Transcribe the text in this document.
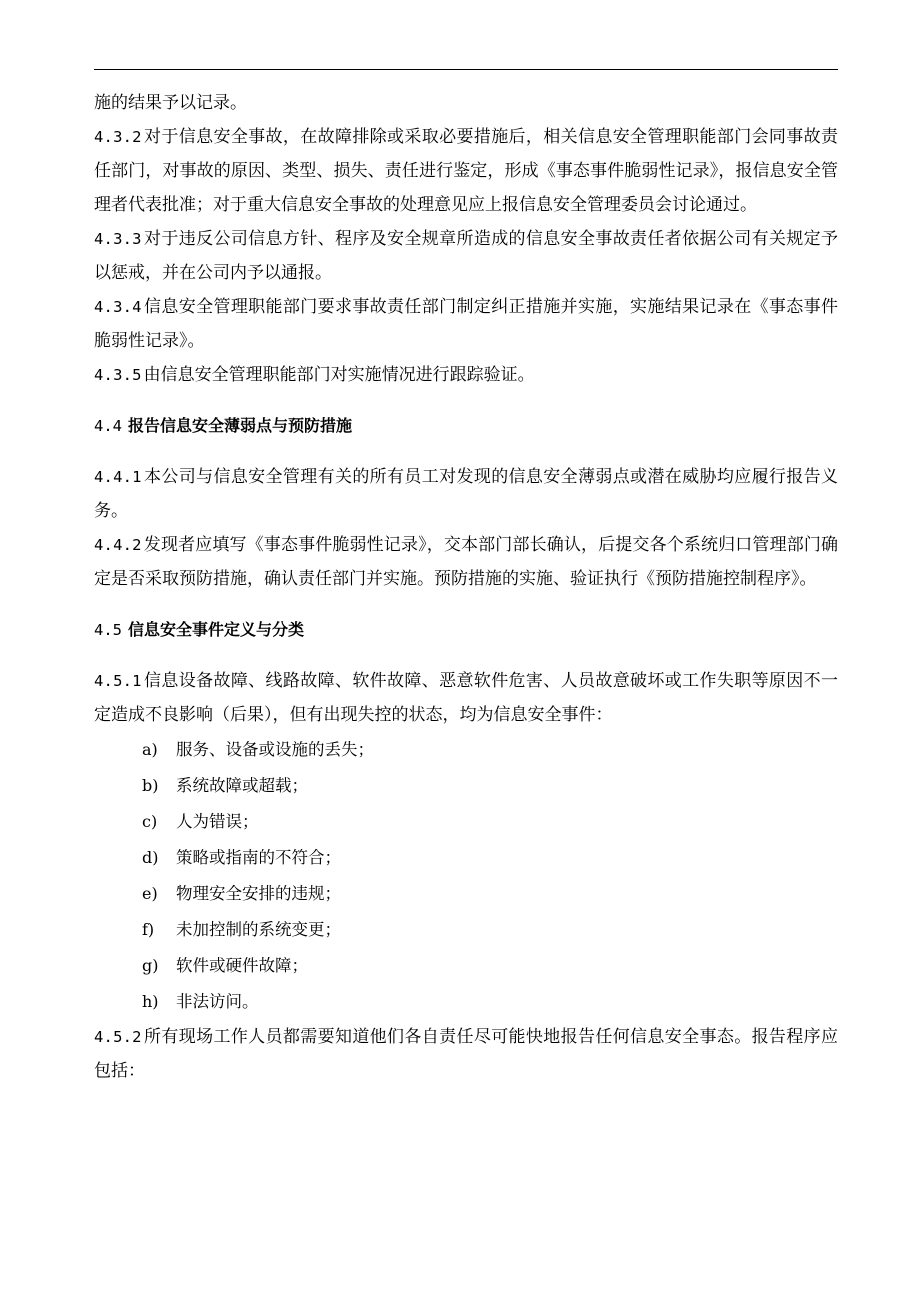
施的结果予以记录。

4.3.2 对于信息安全事故，在故障排除或采取必要措施后，相关信息安全管理职能部门会同事故责任部门，对事故的原因、类型、损失、责任进行鉴定，形成《事态事件脆弱性记录》，报信息安全管理者代表批准；对于重大信息安全事故的处理意见应上报信息安全管理委员会讨论通过。

4.3.3 对于违反公司信息方针、程序及安全规章所造成的信息安全事故责任者依据公司有关规定予以惩戒，并在公司内予以通报。

4.3.4 信息安全管理职能部门要求事故责任部门制定纠正措施并实施，实施结果记录在《事态事件脆弱性记录》。

4.3.5 由信息安全管理职能部门对实施情况进行跟踪验证。

4.4 报告信息安全薄弱点与预防措施

4.4.1 本公司与信息安全管理有关的所有员工对发现的信息安全薄弱点或潜在威胁均应履行报告义务。

4.4.2 发现者应填写《事态事件脆弱性记录》，交本部门部长确认，后提交各个系统归口管理部门确定是否采取预防措施，确认责任部门并实施。预防措施的实施、验证执行《预防措施控制程序》。

4.5 信息安全事件定义与分类

4.5.1 信息设备故障、线路故障、软件故障、恶意软件危害、人员故意破坏或工作失职等原因不一定造成不良影响（后果），但有出现失控的状态，均为信息安全事件：

a) 服务、设备或设施的丢失；
b) 系统故障或超载；
c) 人为错误；
d) 策略或指南的不符合；
e) 物理安全安排的违规；
f) 未加控制的系统变更；
g) 软件或硬件故障；
h) 非法访问。

4.5.2 所有现场工作人员都需要知道他们各自责任尽可能快地报告任何信息安全事态。报告程序应包括：
